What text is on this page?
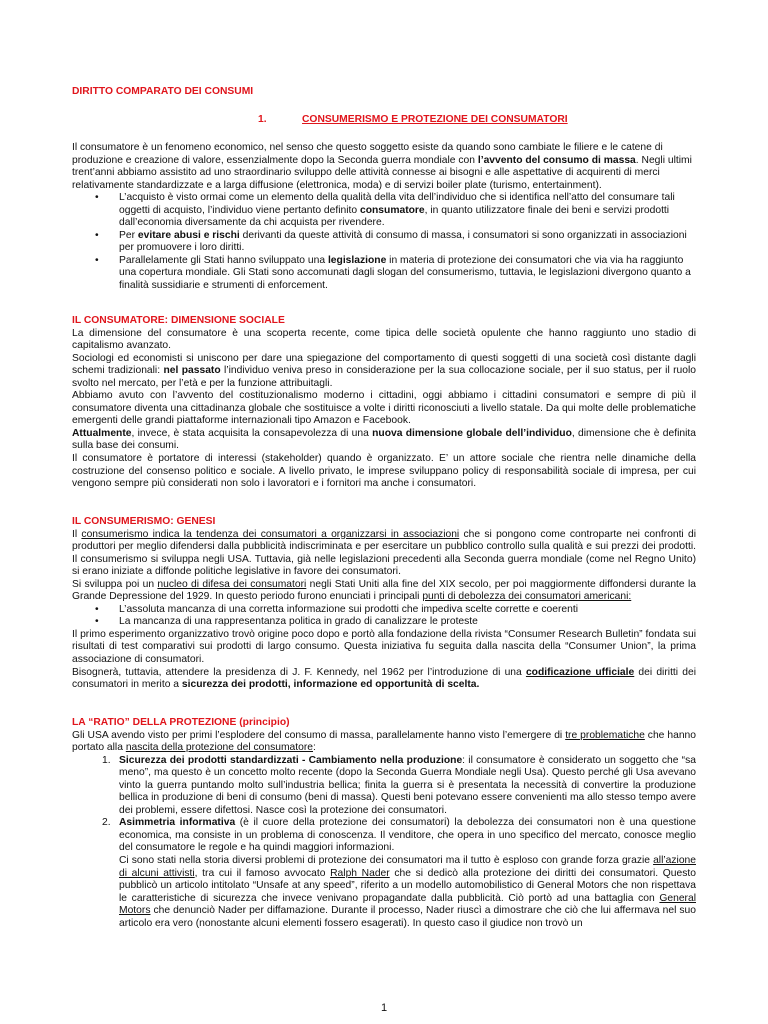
DIRITTO COMPARATO DEI CONSUMI
1.	CONSUMERISMO E PROTEZIONE DEI CONSUMATORI

Il consumatore è un fenomeno economico, nel senso che questo soggetto esiste da quando sono cambiate le filiere e le catene di produzione e creazione di valore, essenzialmente dopo la Seconda guerra mondiale con l’avvento del consumo di massa. Negli ultimi trent’anni abbiamo assistito ad uno straordinario sviluppo delle attività connesse ai bisogni e alle aspettative di acquirenti di merci relativamente standardizzate e a larga diffusione (elettronica, moda) e di servizi boiler plate (turismo, entertainment).

• L’acquisto è visto ormai come un elemento della qualità della vita dell’individuo che si identifica nell’atto del consumare tali oggetti di acquisto, l’individuo viene pertanto definito consumatore, in quanto utilizzatore finale dei beni e servizi prodotti dall’economia diversamente da chi acquista per rivendere.
• Per evitare abusi e rischi derivanti da queste attività di consumo di massa, i consumatori si sono organizzati in associazioni per promuovere i loro diritti.
• Parallelamente gli Stati hanno sviluppato una legislazione in materia di protezione dei consumatori che via via ha raggiunto una copertura mondiale. Gli Stati sono accomunati dagli slogan del consumerismo, tuttavia, le legislazioni divergono quanto a finalità sussidiarie e strumenti di enforcement.

IL CONSUMATORE: DIMENSIONE SOCIALE

La dimensione del consumatore è una scoperta recente, come tipica delle società opulente che hanno raggiunto uno stadio di capitalismo avanzato.

Sociologi ed economisti si uniscono per dare una spiegazione del comportamento di questi soggetti di una società così distante dagli schemi tradizionali: nel passato l’individuo veniva preso in considerazione per la sua collocazione sociale, per il suo status, per il ruolo svolto nel mercato, per l’età e per la funzione attribuitagli.

Abbiamo avuto con l’avvento del costituzionalismo moderno i cittadini, oggi abbiamo i cittadini consumatori e sempre di più il consumatore diventa una cittadinanza globale che sostituisce a volte i diritti riconosciuti a livello statale. Da qui molte delle problematiche emergenti delle grandi piattaforme internazionali tipo Amazon e Facebook.

Attualmente, invece, è stata acquisita la consapevolezza di una nuova dimensione globale dell’individuo, dimensione che è definita sulla base dei consumi.

Il consumatore è portatore di interessi (stakeholder) quando è organizzato. E’ un attore sociale che rientra nelle dinamiche della costruzione del consenso politico e sociale. A livello privato, le imprese sviluppano policy di responsabilità sociale di impresa, per cui vengono sempre più considerati non solo i lavoratori e i fornitori ma anche i consumatori.

IL CONSUMERISMO: GENESI

Il consumerismo indica la tendenza dei consumatori a organizzarsi in associazioni che si pongono come controparte nei confronti di produttori per meglio difendersi dalla pubblicità indiscriminata e per esercitare un pubblico controllo sulla qualità e sui prezzi dei prodotti. Il consumerismo si sviluppa negli USA. Tuttavia, già nelle legislazioni precedenti alla Seconda guerra mondiale (come nel Regno Unito) si erano iniziate a diffonde politiche legislative in favore dei consumatori.

Si sviluppa poi un nucleo di difesa dei consumatori negli Stati Uniti alla fine del XIX secolo, per poi maggiormente diffondersi durante la Grande Depressione del 1929. In questo periodo furono enunciati i principali punti di debolezza dei consumatori americani:

• L’assoluta mancanza di una corretta informazione sui prodotti che impediva scelte corrette e coerenti
• La mancanza di una rappresentanza politica in grado di canalizzare le proteste

Il primo esperimento organizzativo trovò origine poco dopo e portò alla fondazione della rivista “Consumer Research Bulletin” fondata sui risultati di test comparativi sui prodotti di largo consumo. Questa iniziativa fu seguita dalla nascita della “Consumer Union”, la prima associazione di consumatori.

Bisognerà, tuttavia, attendere la presidenza di J. F. Kennedy, nel 1962 per l’introduzione di una codificazione ufficiale dei diritti dei consumatori in merito a sicurezza dei prodotti, informazione ed opportunità di scelta.

LA “RATIO” DELLA PROTEZIONE (principio)

Gli USA avendo visto per primi l’esplodere del consumo di massa, parallelamente hanno visto l’emergere di tre problematiche che hanno portato alla nascita della protezione del consumatore:

1. Sicurezza dei prodotti standardizzati - Cambiamento nella produzione: il consumatore è considerato un soggetto che “sa meno”, ma questo è un concetto molto recente (dopo la Seconda Guerra Mondiale negli Usa). Questo perché gli Usa avevano vinto la guerra puntando molto sull’industria bellica; finita la guerra si è presentata la necessità di convertire la produzione bellica in produzione di beni di consumo (beni di massa). Questi beni potevano essere convenienti ma allo stesso tempo avere dei problemi, essere difettosi. Nasce così la protezione dei consumatori.
2. Asimmetria informativa (è il cuore della protezione dei consumatori) la debolezza dei consumatori non è una questione economica, ma consiste in un problema di conoscenza. Il venditore, che opera in uno specifico del mercato, conosce meglio del consumatore le regole e ha quindi maggiori informazioni.
Ci sono stati nella storia diversi problemi di protezione dei consumatori ma il tutto è esploso con grande forza grazie all’azione di alcuni attivisti, tra cui il famoso avvocato Ralph Nader che si dedicò alla protezione dei diritti dei consumatori. Questo pubblicò un articolo intitolato “Unsafe at any speed”, riferito a un modello automobilistico di General Motors che non rispettava le caratteristiche di sicurezza che invece venivano propagandate dalla pubblicità. Ciò portò ad una battaglia con General Motors che denunciò Nader per diffamazione. Durante il processo, Nader riuscì a dimostrare che ciò che lui affermava nel suo articolo era vero (nonostante alcuni elementi fossero esagerati). In questo caso il giudice non trovò un
1
